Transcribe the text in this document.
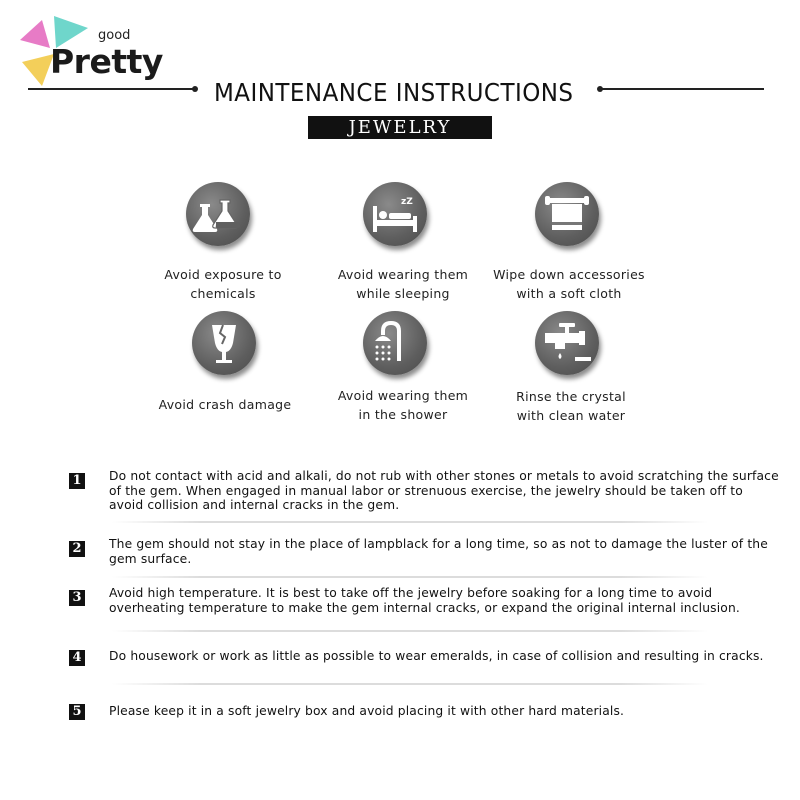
good
Pretty
MAINTENANCE INSTRUCTIONS
JEWELRY
Avoid exposure to
chemicals
zZ
Avoid wearing them
while sleeping
Wipe down accessories
with a soft cloth
Avoid crash damage
Avoid wearing them
in the shower
Rinse the crystal
with clean water
1 Do not contact with acid and alkali, do not rub with other stones or metals to avoid scratching the surface of the gem. When engaged in manual labor or strenuous exercise, the jewelry should be taken off to avoid collision and internal cracks in the gem.
2 The gem should not stay in the place of lampblack for a long time, so as not to damage the luster of the gem surface.
3 Avoid high temperature. It is best to take off the jewelry before soaking for a long time to avoid overheating temperature to make the gem internal cracks, or expand the original internal inclusion.
4 Do housework or work as little as possible to wear emeralds, in case of collision and resulting in cracks.
5 Please keep it in a soft jewelry box and avoid placing it with other hard materials.
